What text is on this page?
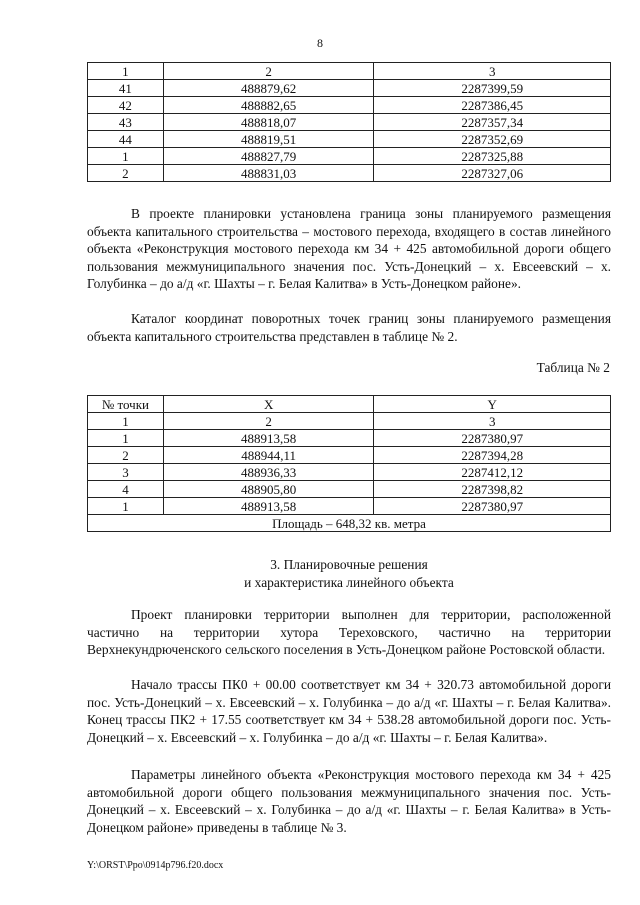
8
1	2	3
41	488879,62	2287399,59
42	488882,65	2287386,45
43	488818,07	2287357,34
44	488819,51	2287352,69
1	488827,79	2287325,88
2	488831,03	2287327,06

В проекте планировки установлена граница зоны планируемого размещения объекта капитального строительства – мостового перехода, входящего в состав линейного объекта «Реконструкция мостового перехода км 34 + 425 автомобильной дороги общего пользования межмуниципального значения пос. Усть-Донецкий – х. Евсеевский – х. Голубинка – до а/д «г. Шахты – г. Белая Калитва» в Усть-Донецком районе».

Каталог координат поворотных точек границ зоны планируемого размещения объекта капитального строительства представлен в таблице № 2.

Таблица № 2
№ точки	X	Y
1	2	3
1	488913,58	2287380,97
2	488944,11	2287394,28
3	488936,33	2287412,12
4	488905,80	2287398,82
1	488913,58	2287380,97
Площадь – 648,32 кв. метра		

3. Планировочные решения

и характеристика линейного объекта

Проект планировки территории выполнен для территории, расположенной частично на территории хутора Тереховского, частично на территории Верхнекундрюченского сельского поселения в Усть-Донецком районе Ростовской области.

Начало трассы ПК0 + 00.00 соответствует км 34 + 320.73 автомобильной дороги пос. Усть-Донецкий – х. Евсеевский – х. Голубинка – до а/д «г. Шахты – г. Белая Калитва». Конец трассы ПК2 + 17.55 соответствует км 34 + 538.28 автомобильной дороги пос. Усть-Донецкий – х. Евсеевский – х. Голубинка – до а/д «г. Шахты – г. Белая Калитва».

Параметры линейного объекта «Реконструкция мостового перехода км 34 + 425 автомобильной дороги общего пользования межмуниципального значения пос. Усть-Донецкий – х. Евсеевский – х. Голубинка – до а/д «г. Шахты – г. Белая Калитва» в Усть-Донецком районе» приведены в таблице № 3.

Y:\ORST\Ppo\0914p796.f20.docx
